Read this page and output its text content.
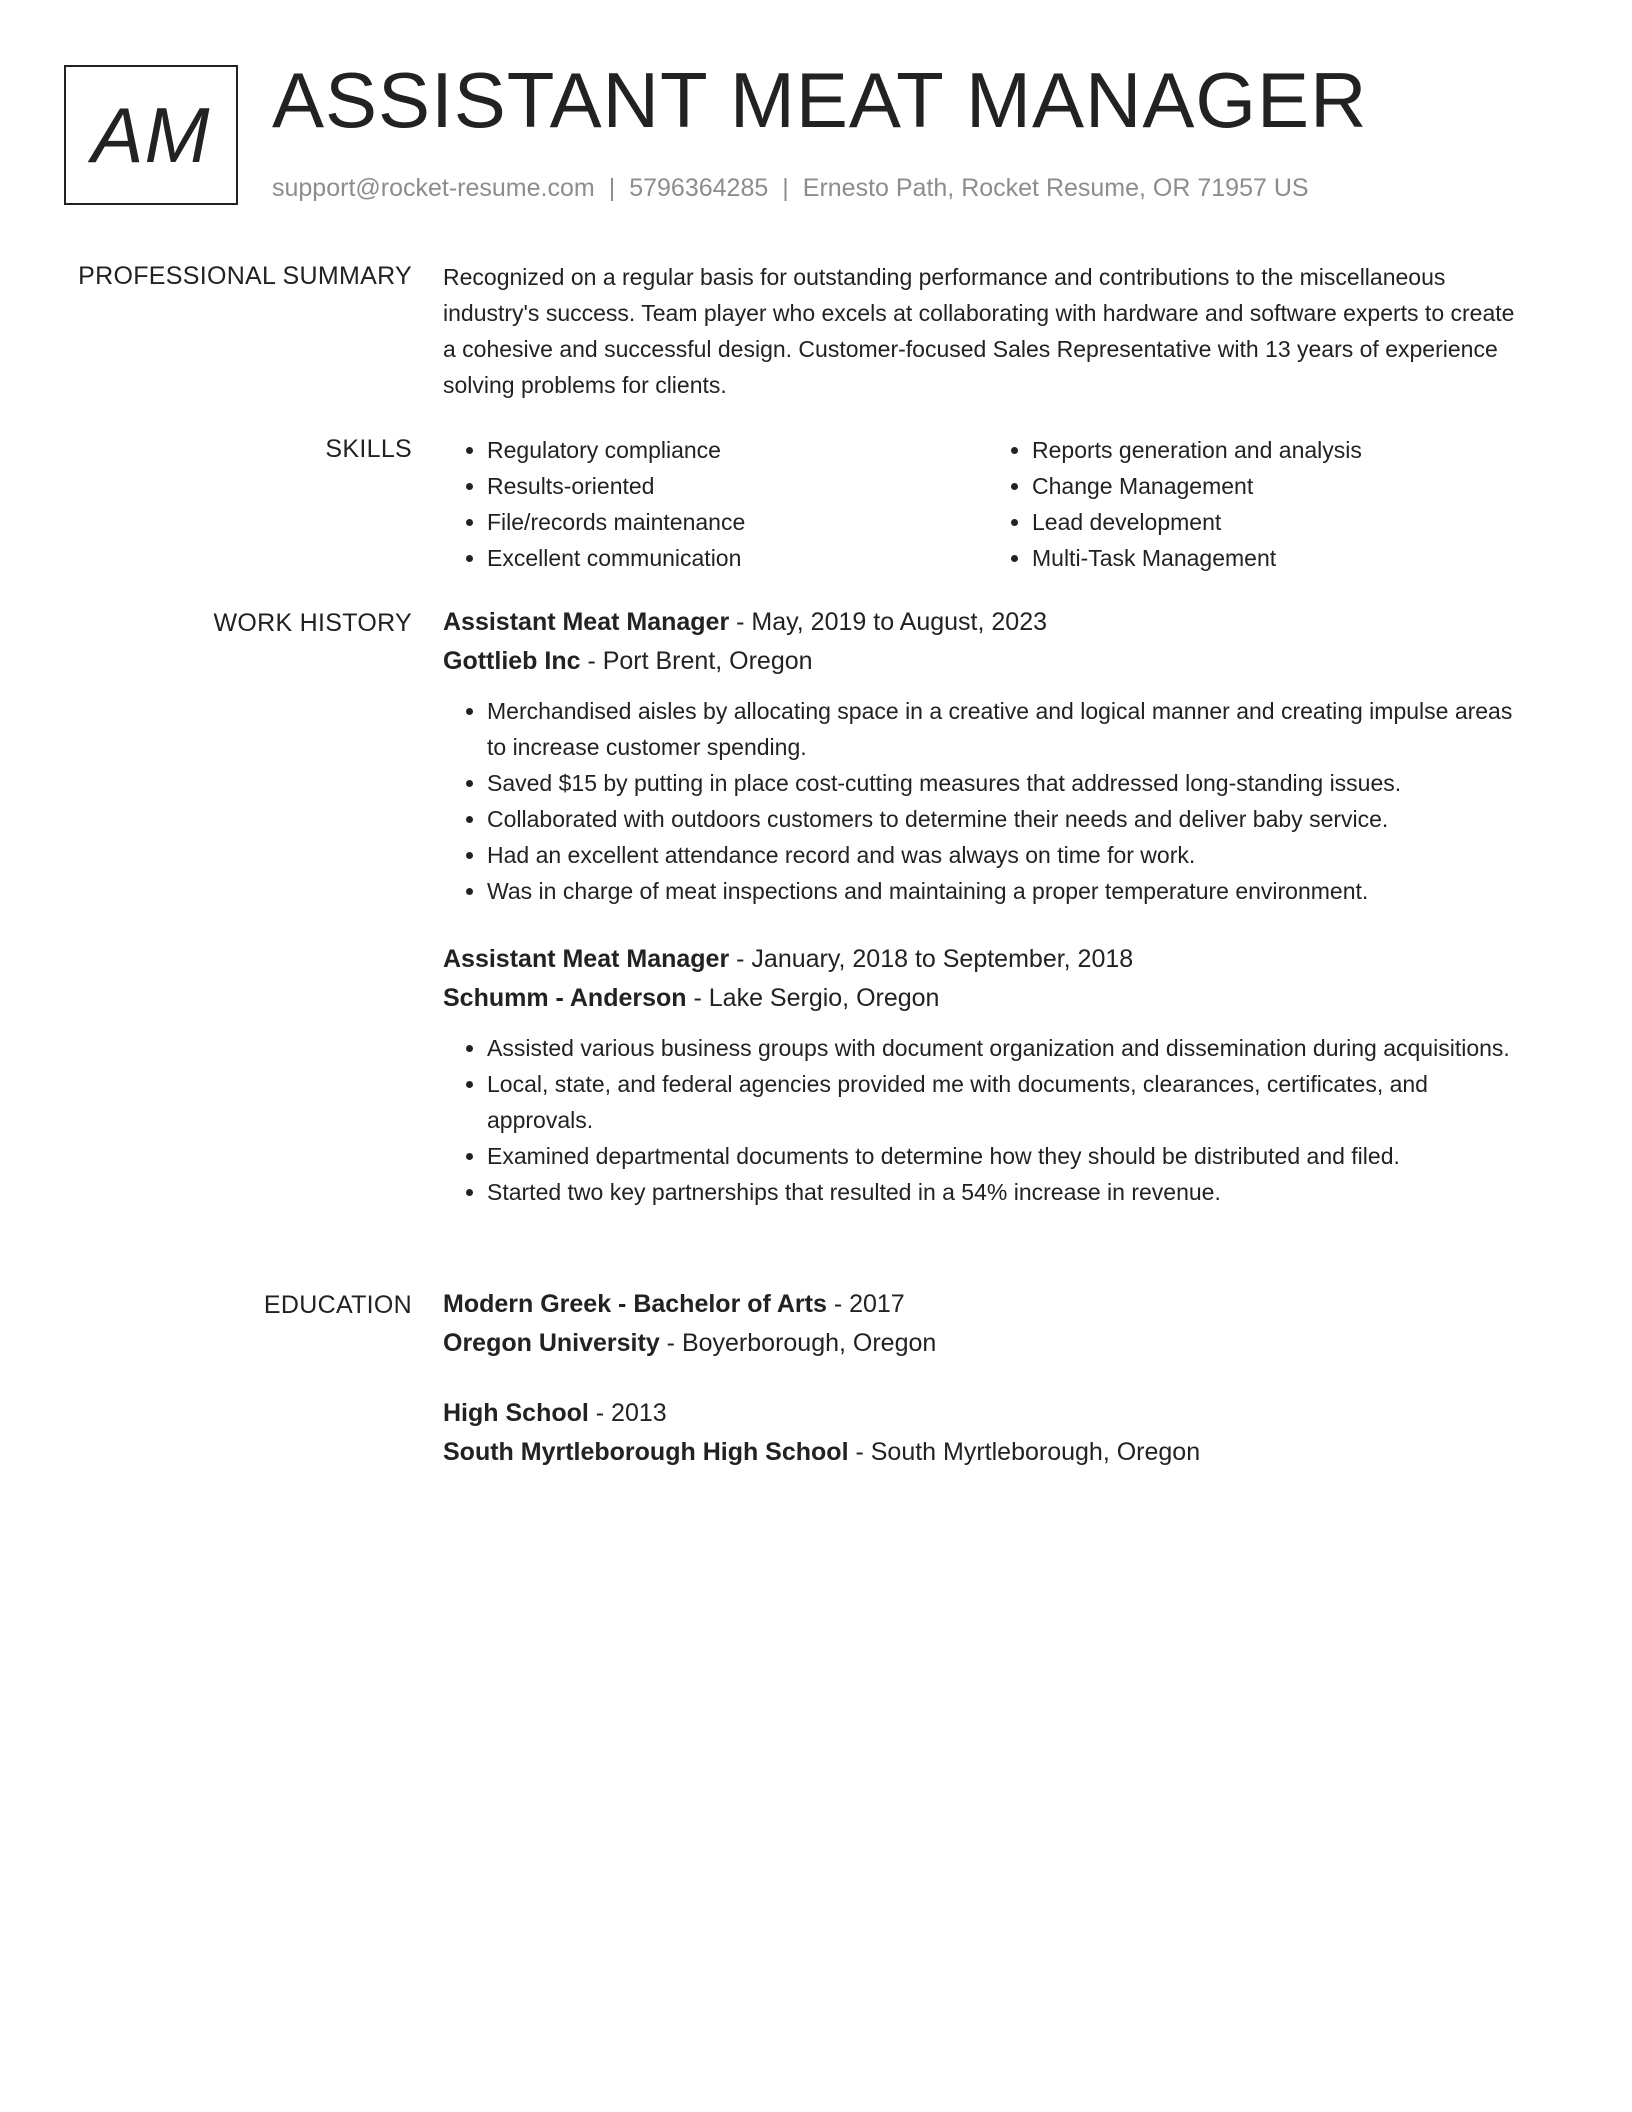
AM ASSISTANT MEAT MANAGER
support@rocket-resume.com | 5796364285 | Ernesto Path, Rocket Resume, OR 71957 US
PROFESSIONAL SUMMARY Recognized on a regular basis for outstanding performance and contributions to the miscellaneous industry's success. Team player who excels at collaborating with hardware and software experts to create a cohesive and successful design. Customer-focused Sales Representative with 13 years of experience solving problems for clients.

SKILLS
•	Regulatory compliance
• Results-oriented
• File/records maintenance
• Excellent communication
• Reports generation and analysis
• Change Management
• Lead development
• Multi-Task Management
WORK HISTORY Assistant Meat Manager - May, 2019 to August, 2023
Gottlieb Inc - Port Brent, Oregon
• Merchandised aisles by allocating space in a creative and logical manner and creating impulse areas to increase customer spending.
• Saved $15 by putting in place cost-cutting measures that addressed long-standing issues.
• Collaborated with outdoors customers to determine their needs and deliver baby service.
• Had an excellent attendance record and was always on time for work.
• Was in charge of meat inspections and maintaining a proper temperature environment.
Assistant Meat Manager - January, 2018 to September, 2018
Schumm - Anderson - Lake Sergio, Oregon
• Assisted various business groups with document organization and dissemination during acquisitions.
• Local, state, and federal agencies provided me with documents, clearances, certificates, and approvals.
• Examined departmental documents to determine how they should be distributed and filed.
• Started two key partnerships that resulted in a 54% increase in revenue.
EDUCATION Modern Greek - Bachelor of Arts - 2017
Oregon University - Boyerborough, Oregon
High School - 2013
South Myrtleborough High School - South Myrtleborough, Oregon
